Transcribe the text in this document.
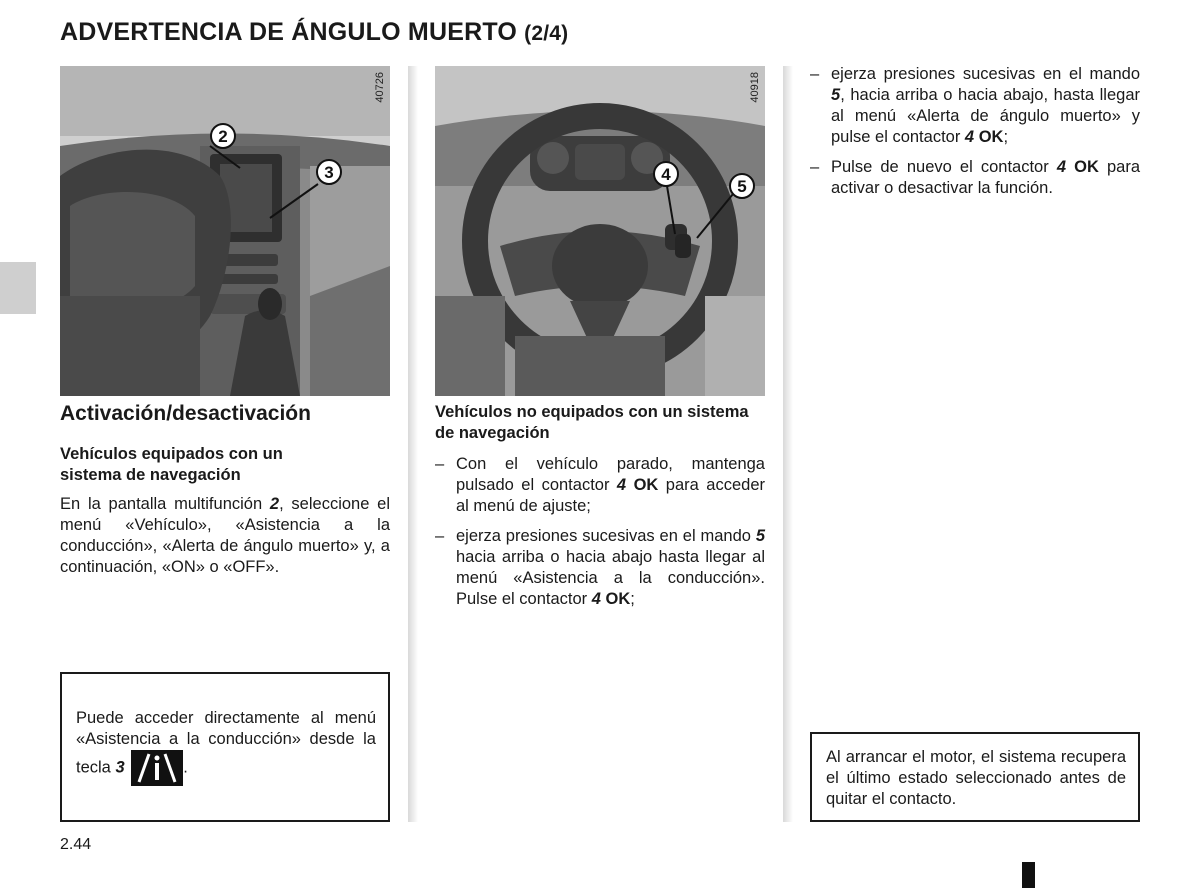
ADVERTENCIA DE ÁNGULO MUERTO (2/4)
2
3
40726
4
5
40918
Activación/desactivación

Vehículos equipados con un sistema de navegación

En la pantalla multifunción 2, seleccione el menú «Vehículo», «Asistencia a la conducción», «Alerta de ángulo muerto» y, a continuación, «ON» o «OFF».

Puede acceder directamente al menú «Asistencia a la conducción» desde la tecla 3	.

Vehículos no equipados con un sistema de navegación

– Con el vehículo parado, mantenga pulsado el contactor 4 OK para acceder al menú de ajuste;
– ejerza presiones sucesivas en el mando 5 hacia arriba o hacia abajo hasta llegar al menú «Asistencia a la conducción». Pulse el contactor 4 OK;
– ejerza presiones sucesivas en el mando 5, hacia arriba o hacia abajo, hasta llegar al menú «Alerta de ángulo muerto» y pulse el contactor 4 OK;
– Pulse de nuevo el contactor 4 OK para activar o desactivar la función.

Al arrancar el motor, el sistema recupera el último estado seleccionado antes de quitar el contacto.

2.44
